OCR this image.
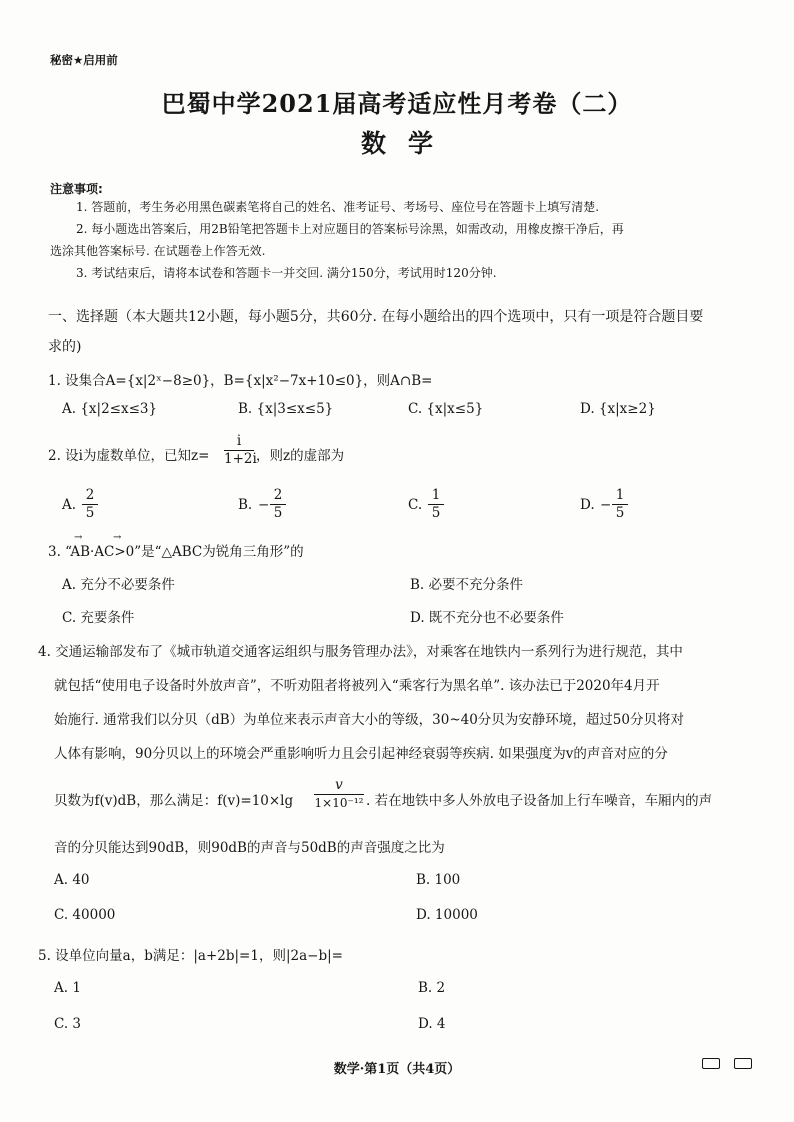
秘密★启用前
巴蜀中学2021届高考适应性月考卷（二）
数学
注意事项:
1. 答题前，考生务必用黑色碳素笔将自己的姓名、准考证号、考场号、座位号在答题卡上填写清楚.
2. 每小题选出答案后，用2B铅笔把答题卡上对应题目的答案标号涂黑，如需改动，用橡皮擦干净后，再
选涂其他答案标号. 在试题卷上作答无效.
3. 考试结束后，请将本试卷和答题卡一并交回. 满分150分，考试用时120分钟.
一、选择题（本大题共12小题，每小题5分，共60分. 在每小题给出的四个选项中，只有一项是符合题目要
求的)
1. 设集合A={x|2ˣ−8≥0}，B={x|x²−7x+10≤0}，则A∩B=
A. {x|2≤x≤3}	B. {x|3≤x≤5}	C. {x|x≤5}	D. {x|x≥2}
2. 设i为虚数单位，已知z=
i
1+2i ，则z的虚部为
A.
2
5	B. −
2
5	C.
1
5	D. −
1
5
3. “AB·AC>0”是“△ABC为锐角三角形”的
→	→
A. 充分不必要条件	B. 必要不充分条件
C. 充要条件	D. 既不充分也不必要条件
4. 交通运输部发布了《城市轨道交通客运组织与服务管理办法》，对乘客在地铁内一系列行为进行规范，其中
就包括“使用电子设备时外放声音”，不听劝阻者将被列入“乘客行为黑名单”. 该办法已于2020年4月开
始施行. 通常我们以分贝（dB）为单位来表示声音大小的等级，30~40分贝为安静环境，超过50分贝将对
人体有影响，90分贝以上的环境会严重影响听力且会引起神经衰弱等疾病. 如果强度为v的声音对应的分
贝数为f(v)dB，那么满足：f(v)=10×lg
v
1×10⁻¹² . 若在地铁中多人外放电子设备加上行车噪音，车厢内的声
音的分贝能达到90dB，则90dB的声音与50dB的声音强度之比为
A. 40	B. 100
C. 40000	D. 10000
5. 设单位向量a，b满足：|a+2b|=1，则|2a−b|=
A. 1	B. 2
C. 3	D. 4
数学·第1页（共4页）
